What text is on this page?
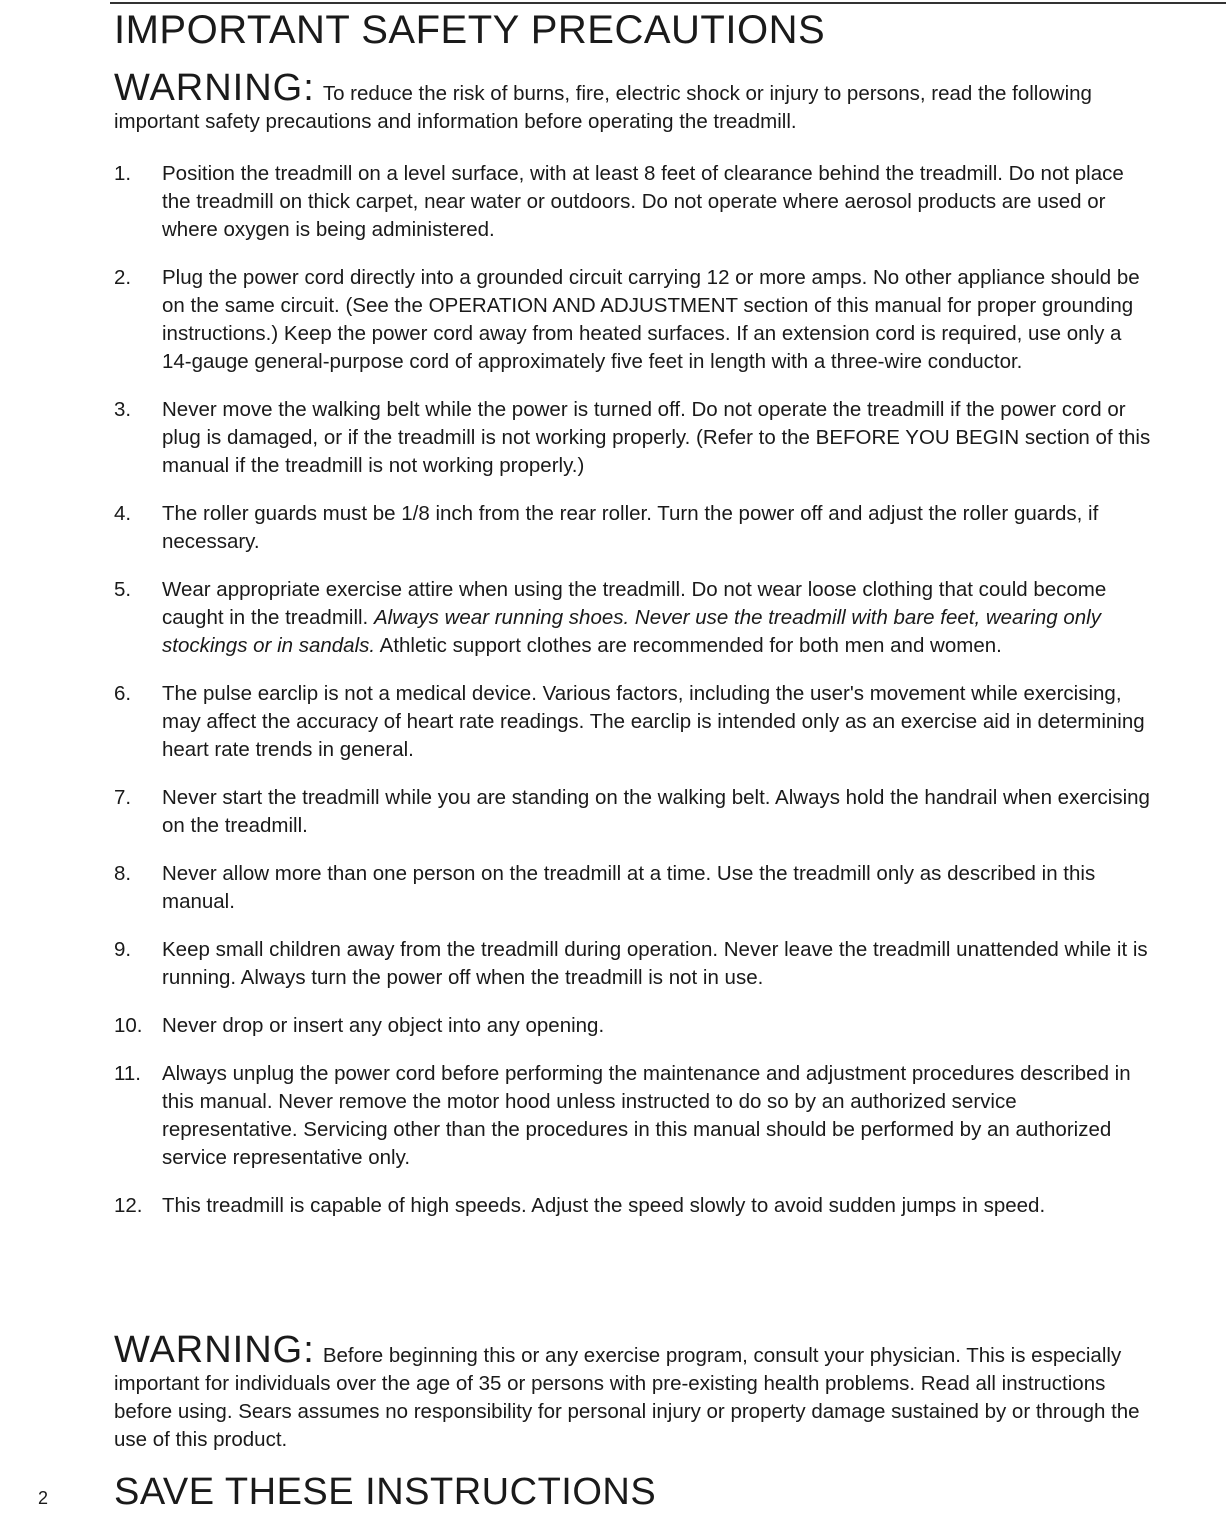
IMPORTANT SAFETY PRECAUTIONS
WARNING: To reduce the risk of burns, fire, electric shock or injury to persons, read the following important safety precautions and information before operating the treadmill.
1.	Position the treadmill on a level surface, with at least 8 feet of clearance behind the treadmill. Do not place the treadmill on thick carpet, near water or outdoors. Do not operate where aerosol products are used or where oxygen is being administered.
2.	Plug the power cord directly into a grounded circuit carrying 12 or more amps. No other appliance should be on the same circuit. (See the OPERATION AND ADJUSTMENT section of this manual for proper grounding instructions.) Keep the power cord away from heated surfaces. If an extension cord is required, use only a 14-gauge general-purpose cord of approximately five feet in length with a three-wire conductor.
3.	Never move the walking belt while the power is turned off. Do not operate the treadmill if the power cord or plug is damaged, or if the treadmill is not working properly. (Refer to the BEFORE YOU BEGIN section of this manual if the treadmill is not working properly.)
4.	The roller guards must be 1/8 inch from the rear roller. Turn the power off and adjust the roller guards, if necessary.
5.	Wear appropriate exercise attire when using the treadmill. Do not wear loose clothing that could become caught in the treadmill. Always wear running shoes. Never use the treadmill with bare feet, wearing only stockings or in sandals. Athletic support clothes are recommended for both men and women.
6.	The pulse earclip is not a medical device. Various factors, including the user's movement while exercising, may affect the accuracy of heart rate readings. The earclip is intended only as an exercise aid in determining heart rate trends in general.
7.	Never start the treadmill while you are standing on the walking belt. Always hold the handrail when exercising on the treadmill.
8.	Never allow more than one person on the treadmill at a time. Use the treadmill only as described in this manual.
9.	Keep small children away from the treadmill during operation. Never leave the treadmill unattended while it is running. Always turn the power off when the treadmill is not in use.
10. Never drop or insert any object into any opening.
11.	Always unplug the power cord before performing the maintenance and adjustment procedures described in this manual. Never remove the motor hood unless instructed to do so by an authorized service representative. Servicing other than the procedures in this manual should be performed by an authorized service representative only.
12. This treadmill is capable of high speeds. Adjust the speed slowly to avoid sudden jumps in speed.
WARNING: Before beginning this or any exercise program, consult your physician. This is especially important for individuals over the age of 35 or persons with pre-existing health problems. Read all instructions before using. Sears assumes no responsibility for personal injury or property damage sustained by or through the use of this product.
SAVE THESE INSTRUCTIONS
2
